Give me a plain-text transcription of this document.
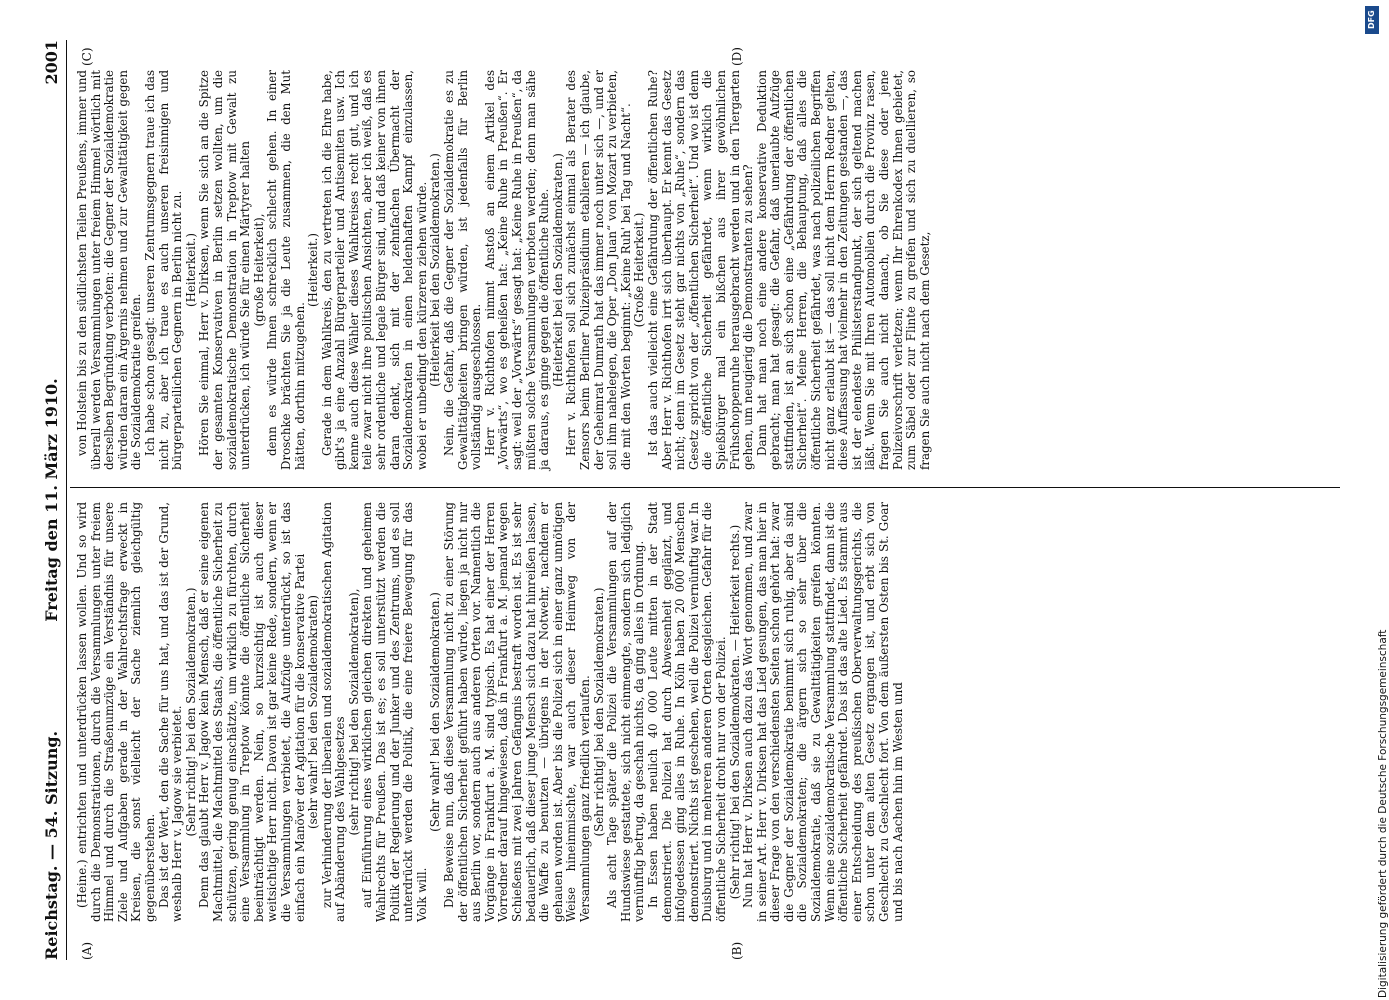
Reichstag. — 54. Sitzung.
Freitag den 11. März 1910.
2001
(A)	(B)
(C)	(D)

(Heine.) entrichten und unterdrücken lassen wollen. Und so wird durch die Demonstrationen, durch die Versammlungen unter freiem Himmel und durch die Straßenumzüge ein Verständnis für unsere Ziele und Aufgaben gerade in der Wahlrechtsfrage erweckt in Kreisen, die sonst vielleicht der Sache ziemlich gleichgültig gegenüberstehen. Das ist der Wert, den die Sache für uns hat, und das ist der Grund, weshalb Herr v. Jagow sie verbietet. (Sehr richtig! bei den Sozialdemokraten.) Denn das glaubt Herr v. Jagow kein Mensch, daß er seine eigenen Machtmittel, die Machtmittel des Staats, die öffentliche Sicherheit zu schützen, gering genug einschätzte, um wirklich zu fürchten, durch eine Versammlung in Treptow könnte die öffentliche Sicherheit beeinträchtigt werden. Nein, so kurzsichtig ist auch dieser weitsichtige Herr nicht. Davon ist gar keine Rede, sondern, wenn er die Versammlungen verbietet, die Aufzüge unterdrückt, so ist das einfach ein Manöver der Agitation für die konservative Partei (sehr wahr! bei den Sozialdemokraten) zur Verhinderung der liberalen und sozialdemokratischen Agitation auf Abänderung des Wahlgesetzes (sehr richtig! bei den Sozialdemokraten), auf Einführung eines wirklichen gleichen direkten und geheimen Wahlrechts für Preußen. Das ist es; es soll unterstützt werden die Politik der Regierung und der Junker und des Zentrums, und es soll unterdrückt werden die Politik, die eine freiere Bewegung für das Volk will.

(Sehr wahr! bei den Sozialdemokraten.) Die Beweise nun, daß diese Versammlung nicht zu einer Störung der öffentlichen Sicherheit geführt haben würde, liegen ja nicht nur aus Berlin vor, sondern auch aus anderen Orten vor. Namentlich die Vorgänge in Frankfurt a. M. sind typisch. Es hat einer der Herren Vorredner darauf hingewiesen, daß in Frankfurt a. M. jemand wegen Schießens mit zwei Jahren Gefängnis bestraft worden ist. Es ist sehr bedauerlich, daß dieser junge Mensch sich dazu hat hinreißen lassen, die Waffe zu benutzen — übrigens in der Notwehr, nachdem er gehauen worden ist. Aber bis die Polizei sich in einer ganz unnötigen Weise hineinmischte, war auch dieser Heimweg von der Versammlungen ganz friedlich verlaufen. (Sehr richtig! bei den Sozialdemokraten.) Als acht Tage später die Polizei die Versammlungen auf der Hundswiese gestattete, sich nicht einmengte, sondern sich lediglich vernünftig betrug, da geschah nichts, da ging alles in Ordnung. In Essen haben neulich 40 000 Leute mitten in der Stadt demonstriert. Die Polizei hat durch Abwesenheit geglänzt, und infolgedessen ging alles in Ruhe. In Köln haben 20 000 Menschen demonstriert. Nichts ist geschehen, weil die Polizei vernünftig war. In Duisburg und in mehreren anderen Orten desgleichen. Gefahr für die öffentliche Sicherheit droht nur von der Polizei. (Sehr richtig! bei den Sozialdemokraten. — Heiterkeit rechts.) Nun hat Herr v. Dirksen auch dazu das Wort genommen, und zwar in seiner Art. Herr v. Dirksen hat das Lied gesungen, das man hier in dieser Frage von den verschiedensten Seiten schon gehört hat: zwar die Gegner der Sozialdemokratie benimmt sich ruhig, aber da sind die Sozialdemokraten; die ärgern sich so sehr über die Sozialdemokratie, daß sie zu Gewalttätigkeiten greifen könnten. Wenn eine sozialdemokratische Versammlung stattfindet, dann ist die öffentliche Sicherheit gefährdet. Das ist das alte Lied. Es stammt aus einer Entscheidung des preußischen Oberverwaltungsgerichts, die schon unter dem alten Gesetz ergangen ist, und erbt sich von Geschlecht zu Geschlecht fort. Von dem äußersten Osten bis St. Goar und bis nach Aachen hin im Westen und

von Holstein bis zu den südlichsten Teilen Preußens, immer und überall werden Versammlungen unter freiem Himmel wörtlich mit derselben Begründung verboten: die Gegner der Sozialdemokratie würden daran ein Ärgernis nehmen und zur Gewalttätigkeit gegen die Sozialdemokratie greifen. Ich habe schon gesagt: unseren Zentrumsgegnern traue ich das nicht zu, aber ich traue es auch unseren freisinnigen und bürgerparteilichen Gegnern in Berlin nicht zu. (Heiterkeit.) Hören Sie einmal, Herr v. Dirksen, wenn Sie sich an die Spitze der gesamten Konservativen in Berlin setzen wollten, um die sozialdemokratische Demonstration in Treptow mit Gewalt zu unterdrücken, ich würde Sie für einen Märtyrer halten (große Heiterkeit), denn es würde Ihnen schrecklich schlecht gehen. In einer Droschke brächten Sie ja die Leute zusammen, die den Mut hätten, dorthin mitzugehen.

(Heiterkeit.) Gerade in dem Wahlkreis, den zu vertreten ich die Ehre habe, gibt's ja eine Anzahl Bürgerparteiler und Antisemiten usw. Ich kenne auch diese Wähler dieses Wahlkreises recht gut, und ich teile zwar nicht ihre politischen Ansichten, aber ich weiß, daß es sehr ordentliche und legale Bürger sind, und daß keiner von ihnen daran denkt, sich mit der zehnfachen Übermacht der Sozialdemokraten in einen heldenhaften Kampf einzulassen, wobei er unbedingt den kürzeren ziehen würde. (Heiterkeit bei den Sozialdemokraten.) Nein, die Gefahr, daß die Gegner der Sozialdemokratie es zu Gewalttätigkeiten bringen würden, ist jedenfalls für Berlin vollständig ausgeschlossen. Herr v. Richthofen nimmt Anstoß an einem Artikel des „Vorwärts“, wo es geheißen hat: „Keine Ruhe in Preußen“. Er sagt: weil der „Vorwärts“ gesagt hat: „Keine Ruhe in Preußen“, da müßten solche Versammlungen verboten werden; denn man sähe ja daraus, es ginge gegen die öffentliche Ruhe. (Heiterkeit bei den Sozialdemokraten.) Herr v. Richthofen soll sich zunächst einmal als Berater des Zensors beim Berliner Polizeipräsidium etablieren — ich glaube, der Geheimrat Dumrath hat das immer noch unter sich —, und er soll ihm nahelegen, die Oper „Don Juan“ von Mozart zu verbieten, die mit den Worten beginnt: „Keine Ruh' bei Tag und Nacht“. (Große Heiterkeit.) Ist das auch vielleicht eine Gefährdung der öffentlichen Ruhe? Aber Herr v. Richthofen irrt sich überhaupt. Er kennt das Gesetz nicht; denn im Gesetz steht gar nichts von „Ruhe“, sondern das Gesetz spricht von der „öffentlichen Sicherheit“. Und wo ist denn die öffentliche Sicherheit gefährdet, wenn wirklich die Spießbürger mal ein bißchen aus ihrer gewöhnlichen Frühschoppenruhe herausgebracht werden und in den Tiergarten gehen, um neugierig die Demonstranten zu sehen? Dann hat man noch eine andere konservative Deduktion gebracht; man hat gesagt: die Gefahr, daß unerlaubte Aufzüge stattfinden, ist an sich schon eine „Gefährdung der öffentlichen Sicherheit“. Meine Herren, die Behauptung, daß alles die öffentliche Sicherheit gefährdet, was nach polizeilichen Begriffen nicht ganz erlaubt ist — das soll nicht dem Herrn Redner gelten, diese Auffassung hat vielmehr in den Zeitungen gestanden —, das ist der elendeste Philisterstandpunkt, der sich geltend machen läßt. Wenn Sie mit Ihren Automobilen durch die Provinz rasen, fragen Sie auch nicht danach, ob Sie diese oder jene Polizeivorschrift verletzen; wenn Ihr Ehrenkodex Ihnen gebietet, zum Säbel oder zur Flinte zu greifen und sich zu duellieren, so fragen Sie auch nicht nach dem Gesetz,

DFG
Digitalisierung gefördert durch die Deutsche Forschungsgemeinschaft
